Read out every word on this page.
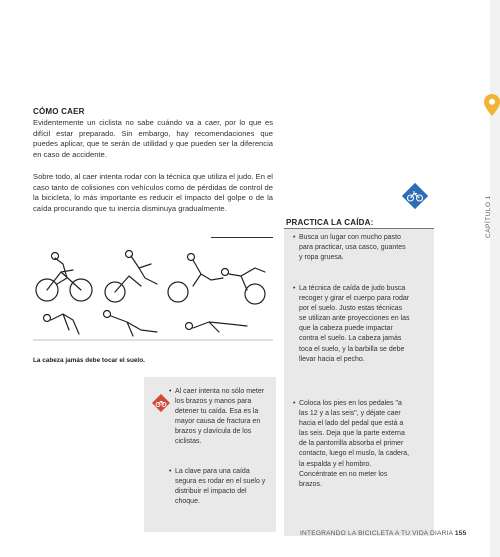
CAPÍTULO 1
CÓMO CAER
Evidentemente un ciclista no sabe cuándo va a caer, por lo que es difícil estar preparado. Sin embargo, hay recomendaciones que puedes aplicar, que te serán de utilidad y que pueden ser la diferencia en caso de accidente.
Sobre todo, al caer intenta rodar con la técnica que utiliza el judo. En el caso tanto de colisiones con vehículos como de pérdidas de control de la bicicleta, lo más importante es reducir el impacto del golpe o de la caída procurando que tu inercia disminuya gradualmente.
La cabeza jamás debe tocar el suelo.
• Al caer intenta no sólo meter los brazos y manos para detener tu caída. Esa es la mayor causa de fractura en brazos y clavícula de los ciclistas.
• La clave para una caída segura es rodar en el suelo y distribuir el impacto del choque.
PRACTICA LA CAÍDA:
• Busca un lugar con mucho pasto para practicar, usa casco, guantes y ropa gruesa.
• La técnica de caída de judo busca recoger y girar el cuerpo para rodar por el suelo. Justo estas técnicas se utilizan ante proyecciones en las que la cabeza puede impactar contra el suelo. La cabeza jamás toca el suelo, y la barbilla se debe llevar hacia el pecho.
• Coloca los pies en los pedales "a las 12 y a las seis", y déjate caer hacia el lado del pedal que está a las seis. Deja que la parte externa de la pantorrilla absorba el primer contacto, luego el muslo, la cadera, la espalda y el hombro. Concéntrate en no meter los brazos.
INTEGRANDO LA BICICLETA A TU VIDA DIARIA 155
